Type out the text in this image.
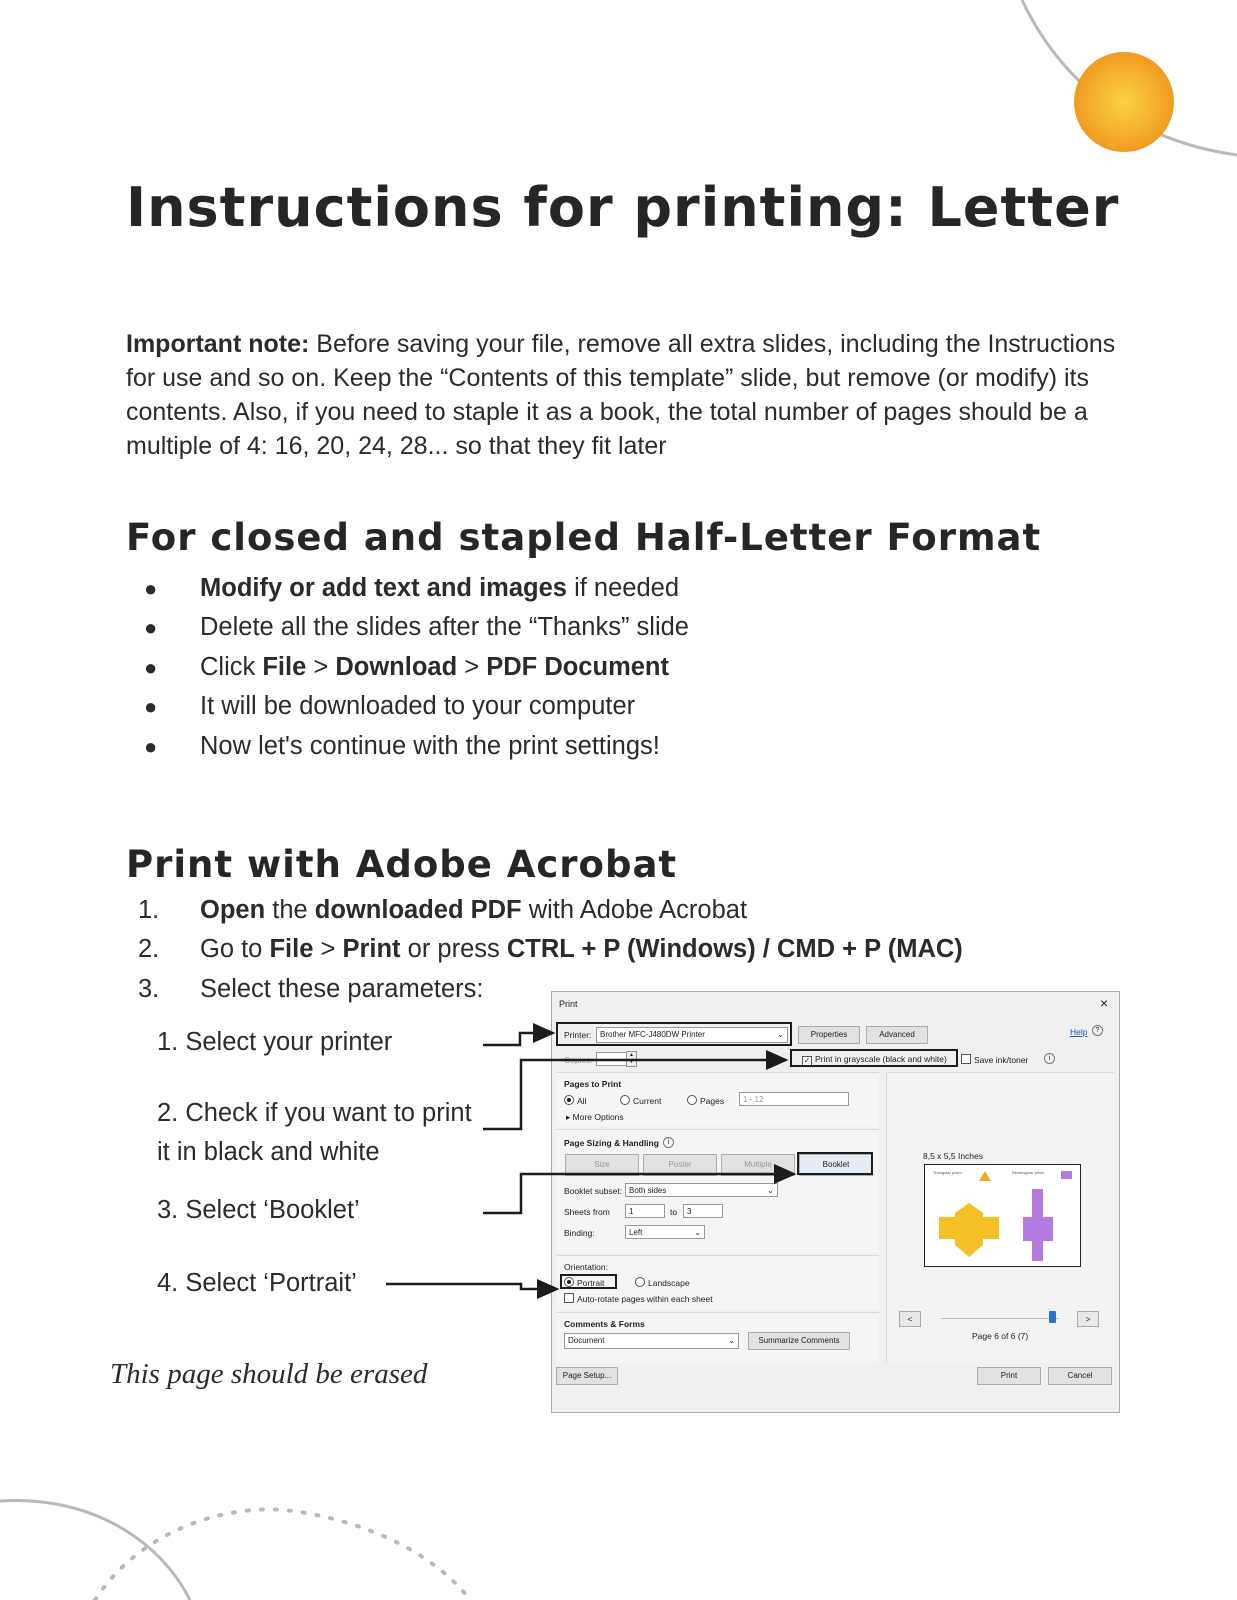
Instructions for printing: Letter

Important note: Before saving your file, remove all extra slides, including the Instructions for use and so on. Keep the “Contents of this template” slide, but remove (or modify) its contents. Also, if you need to staple it as a book, the total number of pages should be a multiple of 4: 16, 20, 24, 28... so that they fit later

For closed and stapled Half-Letter Format
● Modify or add text and images if needed
● Delete all the slides after the “Thanks” slide
● Click File > Download > PDF Document
● It will be downloaded to your computer
● Now let's continue with the print settings!
Print with Adobe Acrobat
1. Open the downloaded PDF with Adobe Acrobat
2. Go to File > Print or press CTRL + P (Windows) / CMD + P (MAC)
3. Select these parameters:

1. Select your printer

2. Check if you want to print it in black and white

3. Select ‘Booklet’

4. Select ‘Portrait’

This page should be erased

Print	×
Printer:	Brother MFC-J480DW Printer	⌄	Properties	Advanced	Help	?
Copies:	▲
▼	✓ Print in grayscale (black and white)	Save ink/toner	i
Pages to Print
All	Current	Pages	1 - 12
▸ More Options
Page Sizing & Handling	i
Size	Poster	Multiple	Booklet
Booklet subset: Both sides	⌄
Sheets from	1	to	3
Binding:	Left	⌄
Orientation:
Portrait	Landscape
Auto-rotate pages within each sheet
Comments & Forms
Document	⌄	Summarize Comments
8,5 x 5,5 Inches
<	>
Page 6 of 6 (7)
Triangular prism	Rectangular prism
Page Setup...	Print	Cancel
